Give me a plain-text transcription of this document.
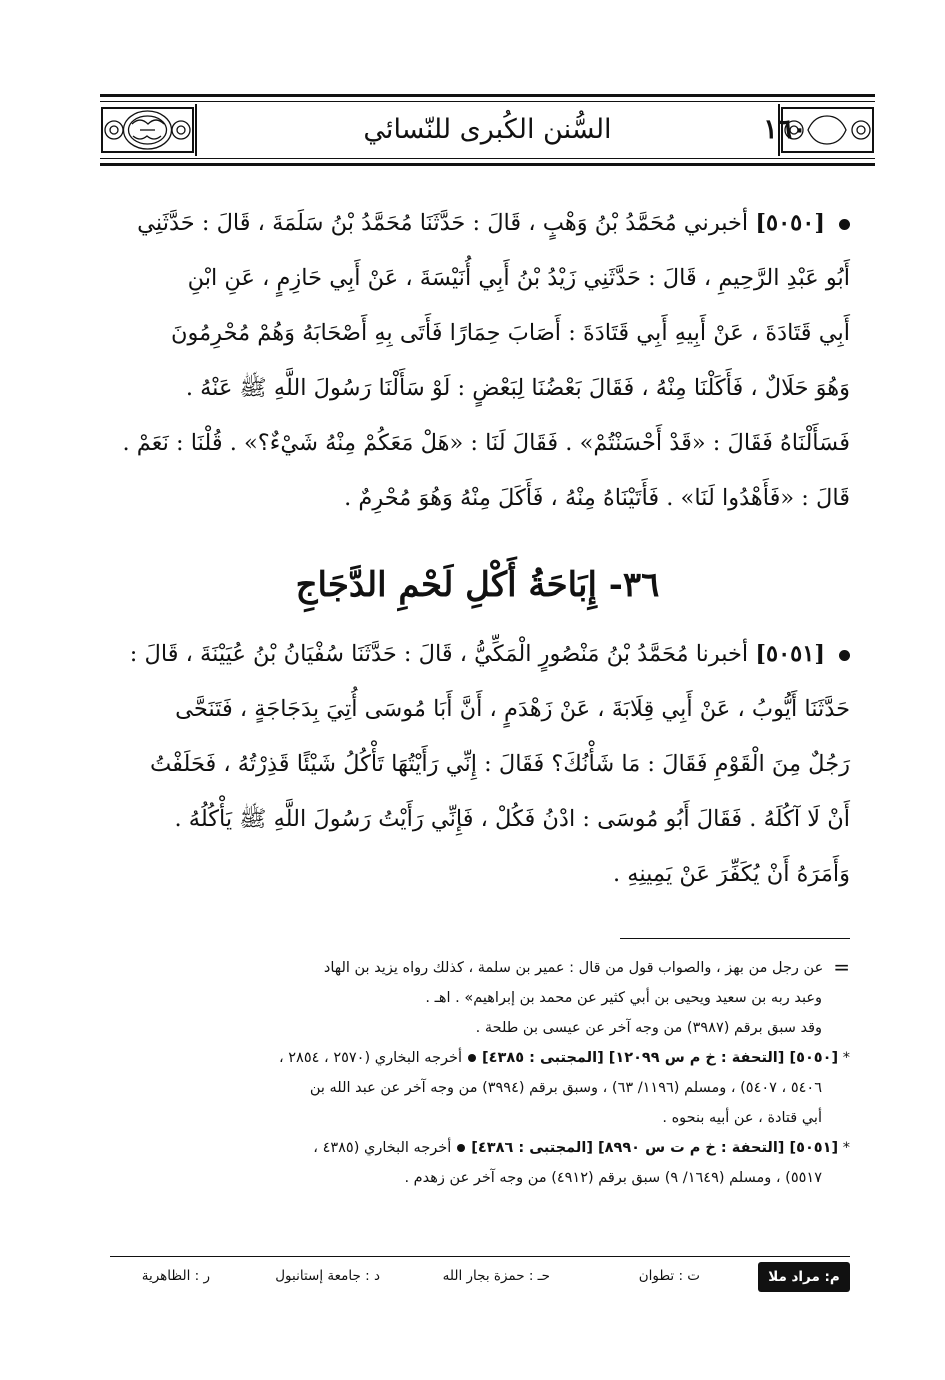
السُّنن الكُبرى للنّسائي	١٦٠
[٥٠٥٠] أخبرني مُحَمَّدُ بْنُ وَهْبٍ ، قَالَ : حَدَّثَنَا مُحَمَّدُ بْنُ سَلَمَةَ ، قَالَ : حَدَّثَنِي
أَبُو عَبْدِ الرَّحِيمِ ، قَالَ : حَدَّثَنِي زَيْدُ بْنُ أَبِي أُنَيْسَةَ ، عَنْ أَبِي حَازِمٍ ، عَنِ ابْنِ
أَبِي قَتَادَةَ ، عَنْ أَبِيهِ أَبِي قَتَادَةَ : أَصَابَ حِمَارًا فَأَتَى بِهِ أَصْحَابَهُ وَهُمْ مُحْرِمُونَ
وَهُوَ حَلَالٌ ، فَأَكَلْنَا مِنْهُ ، فَقَالَ بَعْضُنَا لِبَعْضٍ : لَوْ سَأَلْنَا رَسُولَ اللَّهِ ﷺ عَنْهُ .
فَسَأَلْنَاهُ فَقَالَ : «قَدْ أَحْسَنْتُمْ» . فَقَالَ لَنَا : «هَلْ مَعَكُمْ مِنْهُ شَيْءٌ؟» . قُلْنَا : نَعَمْ .
قَالَ : «فَأَهْدُوا لَنَا» . فَأَتَيْنَاهُ مِنْهُ ، فَأَكَلَ مِنْهُ وَهُوَ مُحْرِمٌ .
٣٦- إِبَاحَةُ أَكْلِ لَحْمِ الدَّجَاجِ
[٥٠٥١] أخبرنا مُحَمَّدُ بْنُ مَنْصُورٍ الْمَكِّيُّ ، قَالَ : حَدَّثَنَا سُفْيَانُ بْنُ عُيَيْنَةَ ، قَالَ :
حَدَّثَنَا أَيُّوبُ ، عَنْ أَبِي قِلَابَةَ ، عَنْ زَهْدَمٍ ، أَنَّ أَبَا مُوسَى أُتِيَ بِدَجَاجَةٍ ، فَتَنَحَّى
رَجُلٌ مِنَ الْقَوْمِ فَقَالَ : مَا شَأْنُكَ؟ فَقَالَ : إِنِّي رَأَيْتُهَا تَأْكُلُ شَيْئًا قَذِرْتُهُ ، فَحَلَفْتُ
أَنْ لَا آكُلَهُ . فَقَالَ أَبُو مُوسَى : ادْنُ فَكُلْ ، فَإِنِّي رَأَيْتُ رَسُولَ اللَّهِ ﷺ يَأْكُلُهُ .
وَأَمَرَهُ أَنْ يُكَفِّرَ عَنْ يَمِينِهِ .
=عن رجل من بهز ، والصواب قول من قال : عمير بن سلمة ، كذلك رواه يزيد بن الهاد
وعبد ربه بن سعيد ويحيى بن أبي كثير عن محمد بن إبراهيم» . اهـ .
وقد سبق برقم (٣٩٨٧) من وجه آخر عن عيسى بن طلحة .
* [٥٠٥٠] [التحفة : خ م س ١٢٠٩٩] [المجتبى : ٤٣٨٥]أخرجه البخاري (٢٥٧٠ ، ٢٨٥٤ ،
٥٤٠٦ ، ٥٤٠٧) ، ومسلم (١١٩٦/ ٦٣) ، وسبق برقم (٣٩٩٤) من وجه آخر عن عبد الله بن
أبي قتادة ، عن أبيه بنحوه .
* [٥٠٥١] [التحفة : خ م ت س ٨٩٩٠] [المجتبى : ٤٣٨٦]أخرجه البخاري (٤٣٨٥ ،
٥٥١٧) ، ومسلم (١٦٤٩/ ٩) سبق برقم (٤٩١٢) من وجه آخر عن زهدم .
م: مراد ملا
ت : تطوان
حـ : حمزة بجار الله
د : جامعة إستانبول
ر : الظاهرية
